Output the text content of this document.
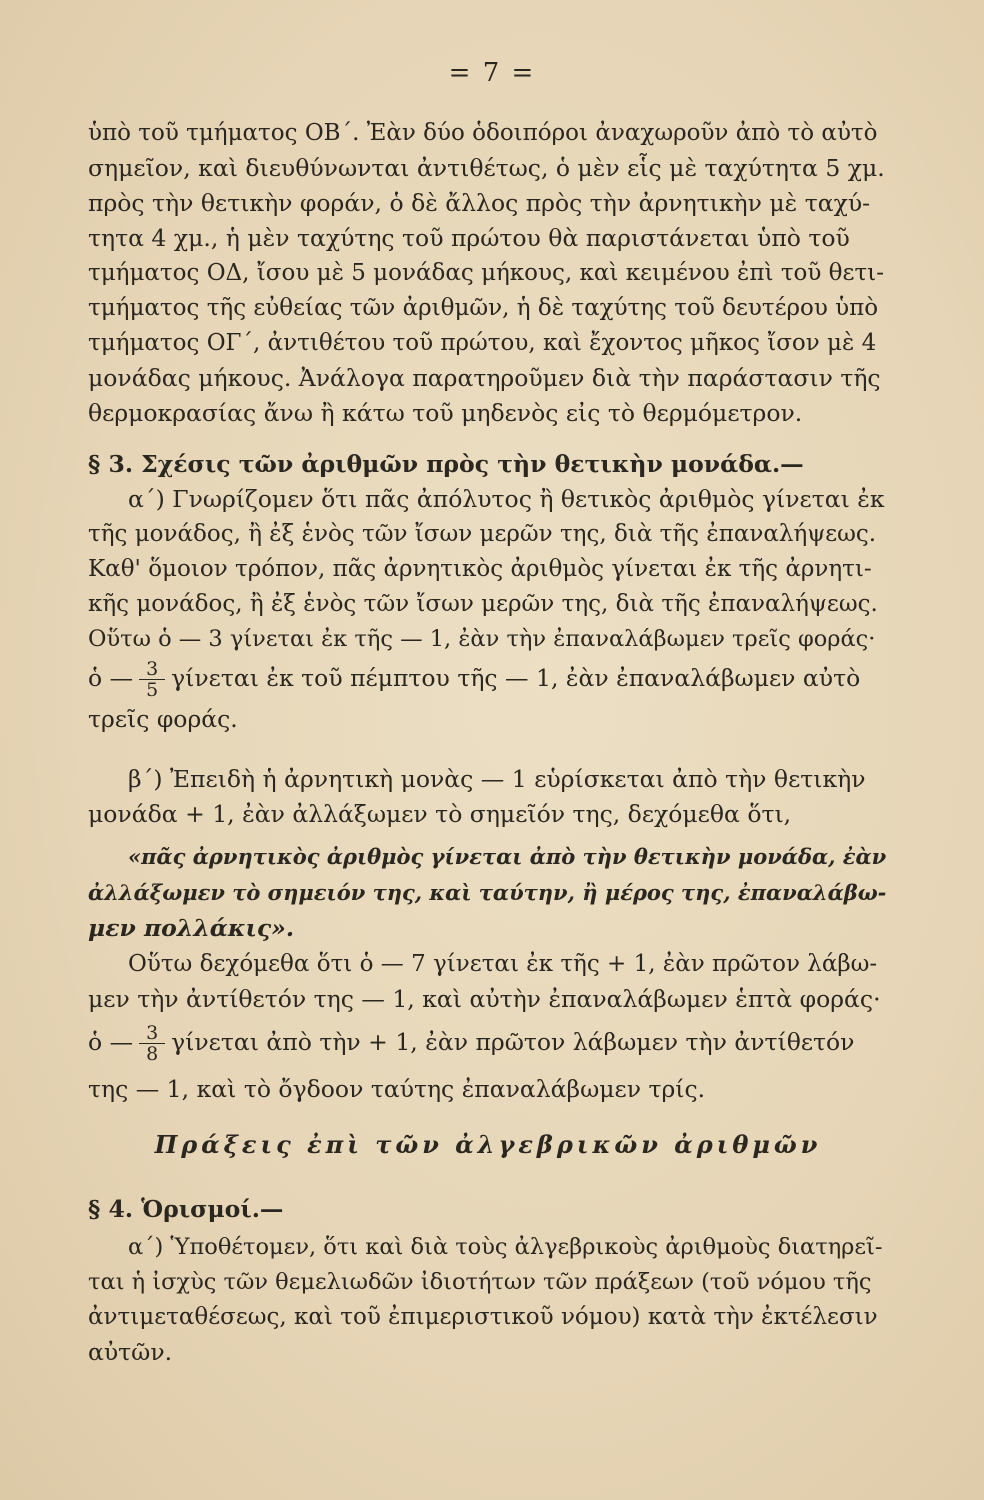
= 7 =
ὑπὸ τοῦ τμήματος ΟΒ΄. Ἐὰν δύο ὁδοιπόροι ἀναχωροῦν ἀπὸ τὸ αὐτὸ
σημεῖον, καὶ διευθύνωνται ἀντιθέτως, ὁ μὲν εἷς μὲ ταχύτητα 5 χμ.
πρὸς τὴν θετικὴν φοράν, ὁ δὲ ἄλλος πρὸς τὴν ἀρνητικὴν μὲ ταχύ-
τητα 4 χμ., ἡ μὲν ταχύτης τοῦ πρώτου θὰ παριστάνεται ὑπὸ τοῦ
τμήματος ΟΔ, ἴσου μὲ 5 μονάδας μήκους, καὶ κειμένου ἐπὶ τοῦ θετι-
τμήματος τῆς εὐθείας τῶν ἀριθμῶν, ἡ δὲ ταχύτης τοῦ δευτέρου ὑπὸ
τμήματος ΟΓ΄, ἀντιθέτου τοῦ πρώτου, καὶ ἔχοντος μῆκος ἴσον μὲ 4
μονάδας μήκους. Ἀνάλογα παρατηροῦμεν διὰ τὴν παράστασιν τῆς
θερμοκρασίας ἄνω ἢ κάτω τοῦ μηδενὸς εἰς τὸ θερμόμετρον.
§ 3. Σχέσις τῶν ἀριθμῶν πρὸς τὴν θετικὴν μονάδα.—
α΄) Γνωρίζομεν ὅτι πᾶς ἀπόλυτος ἢ θετικὸς ἀριθμὸς γίνεται ἐκ
τῆς μονάδος, ἢ ἐξ ἑνὸς τῶν ἴσων μερῶν της, διὰ τῆς ἐπαναλήψεως.
Καθ' ὅμοιον τρόπον, πᾶς ἀρνητικὸς ἀριθμὸς γίνεται ἐκ τῆς ἀρνητι-
κῆς μονάδος, ἢ ἐξ ἑνὸς τῶν ἴσων μερῶν της, διὰ τῆς ἐπαναλήψεως.
Οὕτω ὁ — 3 γίνεται ἐκ τῆς — 1, ἐὰν τὴν ἐπαναλάβωμεν τρεῖς φοράς·
ὁ — $\frac{3}{5}$ γίνεται ἐκ τοῦ πέμπτου τῆς — 1, ἐὰν ἐπαναλάβωμεν αὐτὸ
τρεῖς φοράς.
β΄) Ἐπειδὴ ἡ ἀρνητικὴ μονὰς — 1 εὑρίσκεται ἀπὸ τὴν θετικὴν
μονάδα + 1, ἐὰν ἀλλάξωμεν τὸ σημεῖόν της, δεχόμεθα ὅτι,
«πᾶς ἀρνητικὸς ἀριθμὸς γίνεται ἀπὸ τὴν θετικὴν μονάδα, ἐὰν
ἀλλάξωμεν τὸ σημειόν της, καὶ ταύτην, ἢ μέρος της, ἐπαναλάβω-
μεν πολλάκις».
Οὕτω δεχόμεθα ὅτι ὁ — 7 γίνεται ἐκ τῆς + 1, ἐὰν πρῶτον λάβω-
μεν τὴν ἀντίθετόν της — 1, καὶ αὐτὴν ἐπαναλάβωμεν ἑπτὰ φοράς·
ὁ — $\frac{3}{8}$ γίνεται ἀπὸ τὴν + 1, ἐὰν πρῶτον λάβωμεν τὴν ἀντίθετόν
της — 1, καὶ τὸ ὄγδοον ταύτης ἐπαναλάβωμεν τρίς.
Πράξεις ἐπὶ τῶν ἀλγεβρικῶν ἀριθμῶν
§ 4. Ὁρισμοί.—
α΄) Ὑποθέτομεν, ὅτι καὶ διὰ τοὺς ἀλγεβρικοὺς ἀριθμοὺς διατηρεῖ-
ται ἡ ἰσχὺς τῶν θεμελιωδῶν ἰδιοτήτων τῶν πράξεων (τοῦ νόμου τῆς
ἀντιμεταθέσεως, καὶ τοῦ ἐπιμεριστικοῦ νόμου) κατὰ τὴν ἐκτέλεσιν
αὐτῶν.
